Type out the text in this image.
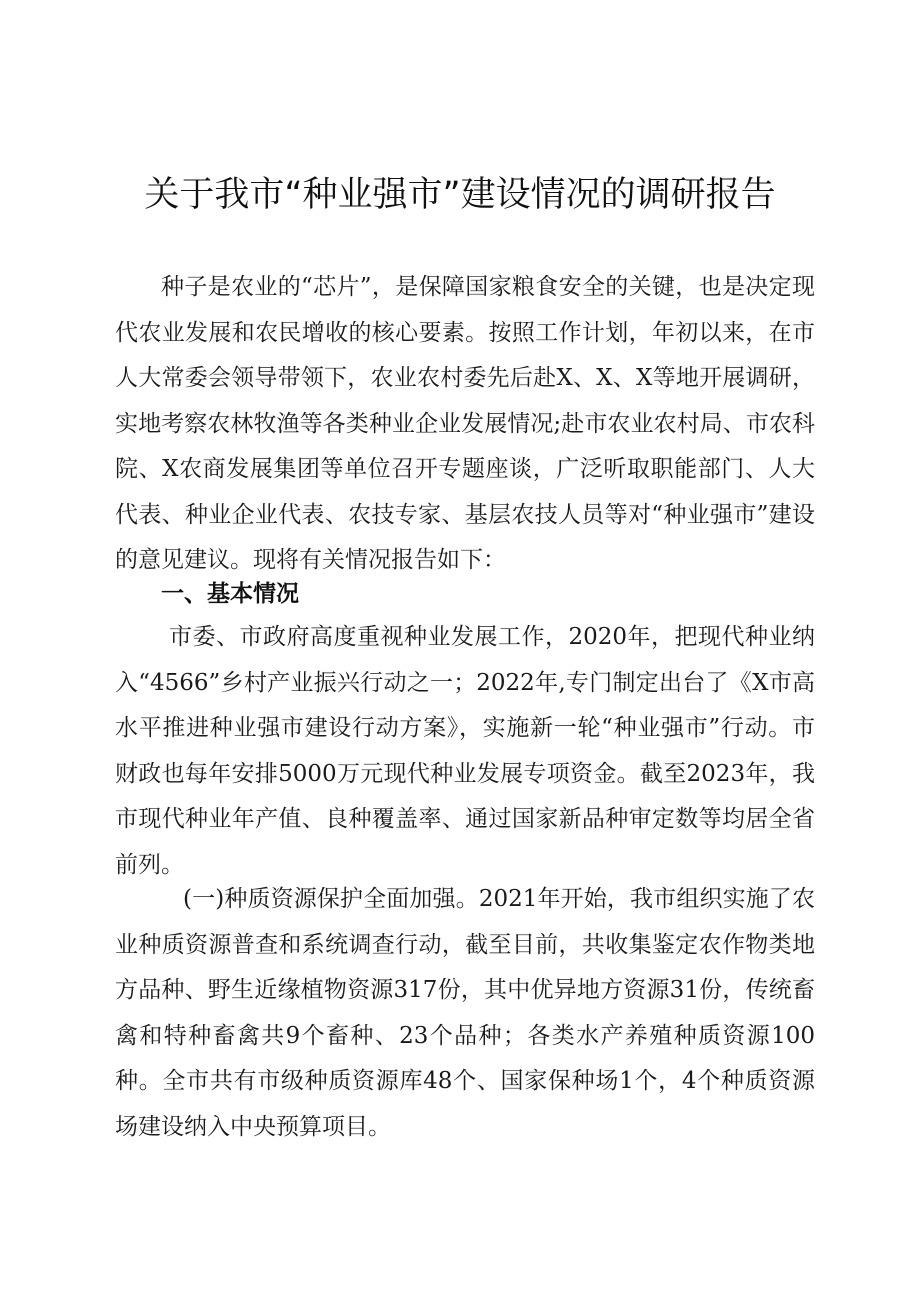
关于我市“种业强市”建设情况的调研报告

种子是农业的“芯片”，是保障国家粮食安全的关键，也是决定现代农业发展和农民增收的核心要素。按照工作计划，年初以来，在市人大常委会领导带领下，农业农村委先后赴X、X、X等地开展调研，实地考察农林牧渔等各类种业企业发展情况;赴市农业农村局、市农科院、X农商发展集团等单位召开专题座谈，广泛听取职能部门、人大代表、种业企业代表、农技专家、基层农技人员等对“种业强市”建设的意见建议。现将有关情况报告如下：

一、基本情况

市委、市政府高度重视种业发展工作，2020年，把现代种业纳入“4566”乡村产业振兴行动之一；2022年,专门制定出台了《X市高水平推进种业强市建设行动方案》，实施新一轮“种业强市”行动。市财政也每年安排5000万元现代种业发展专项资金。截至2023年，我市现代种业年产值、良种覆盖率、通过国家新品种审定数等均居全省前列。

(一)种质资源保护全面加强。2021年开始，我市组织实施了农业种质资源普查和系统调查行动，截至目前，共收集鉴定农作物类地方品种、野生近缘植物资源317份，其中优异地方资源31份，传统畜禽和特种畜禽共9个畜种、23个品种；各类水产养殖种质资源100种。全市共有市级种质资源库48个、国家保种场1个，4个种质资源场建设纳入中央预算项目。
